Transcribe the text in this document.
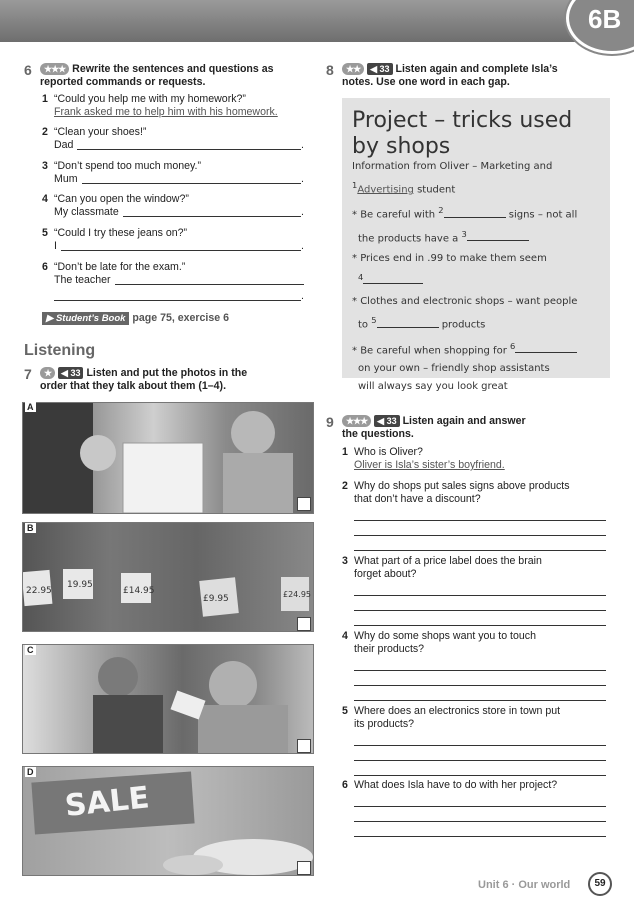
6B
6	★★★ Rewrite the sentences and questions as
reported commands or requests.
1 “Could you help me with my homework?”
Frank asked me to help him with his homework.
2 “Clean your shoes!”
Dad	.
3 “Don’t spend too much money.”
Mum	.
4 “Can you open the window?”
My classmate	.
5 “Could I try these jeans on?”
I	.
6 “Don’t be late for the exam.”
The teacher
.
▶ Student’s Book page 75, exercise 6
Listening
7	★ ◀ 33 Listen and put the photos in the
order that they talk about them (1–4).
A
22.95
19.95
£14.95
£9.95	£24.95
B
C
SALE
D
8	★★ ◀ 33 Listen again and complete Isla’s
notes. Use one word in each gap.
Project – tricks used
by shops
Information from Oliver – Marketing and
$^1$Advertising student
* Be careful with $^2$	signs – not all
the products have a $^3$
* Prices end in .99 to make them seem
$^4$
* Clothes and electronic shops – want people
to $^5$	products
* Be careful when shopping for $^6$
on your own – friendly shop assistants
will always say you look great
9	★★★ ◀ 33 Listen again and answer
the questions.
1 Who is Oliver?
Oliver is Isla’s sister’s boyfriend.
2 Why do shops put sales signs above products
that don’t have a discount?
3 What part of a price label does the brain
forget about?
4 Why do some shops want you to touch
their products?
5 Where does an electronics store in town put
its products?
6 What does Isla have to do with her project?
Unit 6 · Our world	59
